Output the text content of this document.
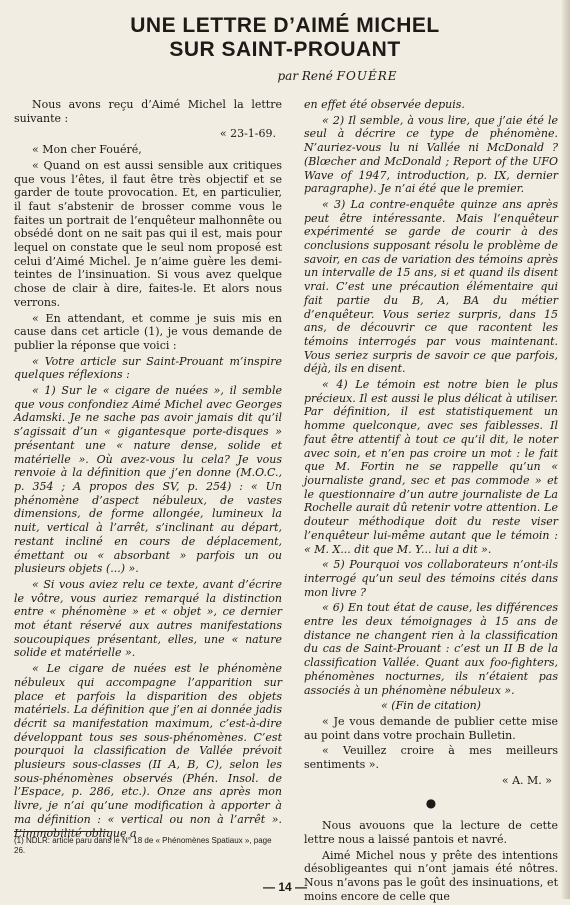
UNE LETTRE D’AIMÉ MICHEL
SUR SAINT-PROUANT
par René FOUÉRE

Nous avons reçu d’Aimé Michel la lettre suivante :

« 23-1-69.

« Mon cher Fouéré,

« Quand on est aussi sensible aux critiques que vous l’êtes, il faut être très objectif et se garder de toute provocation. Et, en particulier, il faut s’abstenir de brosser comme vous le faites un portrait de l’enquêteur malhonnête ou obsédé dont on ne sait pas qui il est, mais pour lequel on constate que le seul nom proposé est celui d’Aimé Michel. Je n’aime guère les demi-teintes de l’insinuation. Si vous avez quelque chose de clair à dire, faites-le. Et alors nous verrons.

« En attendant, et comme je suis mis en cause dans cet article (1), je vous demande de publier la réponse que voici :

« Votre article sur Saint-Prouant m’inspire quelques réflexions :

« 1) Sur le « cigare de nuées », il semble que vous confondiez Aimé Michel avec Georges Adamski. Je ne sache pas avoir jamais dit qu’il s’agissait d’un « gigantesque porte-disques » présentant une « nature dense, solide et matérielle ». Où avez-vous lu cela? Je vous renvoie à la définition que j’en donne (M.O.C., p. 354 ; A propos des SV, p. 254) : « Un phénomène d’aspect nébuleux, de vastes dimensions, de forme allongée, lumineux la nuit, vertical à l’arrêt, s’inclinant au départ, restant incliné en cours de déplacement, émettant ou « absorbant » parfois un ou plusieurs objets (...) ».

« Si vous aviez relu ce texte, avant d’écrire le vôtre, vous auriez remarqué la distinction entre « phénomène » et « objet », ce dernier mot étant réservé aux autres manifestations soucoupiques présentant, elles, une « nature solide et matérielle ».

« Le cigare de nuées est le phénomène nébuleux qui accompagne l’apparition sur place et parfois la disparition des objets matériels. La définition que j’en ai donnée jadis décrit sa manifestation maximum, c’est-à-dire développant tous ses sous-phénomènes. C’est pourquoi la classification de Vallée prévoit plusieurs sous-classes (II A, B, C), selon les sous-phénomènes observés (Phén. Insol. de l’Espace, p. 286, etc.). Onze ans après mon livre, je n’ai qu’une modification à apporter à ma définition : « vertical ou non à l’arrêt ». L’immobilité oblique a

en effet été observée depuis.

« 2) Il semble, à vous lire, que j’aie été le seul à décrire ce type de phénomène. N’auriez-vous lu ni Vallée ni McDonald ? (Blœcher and McDonald ; Report of the UFO Wave of 1947, introduction, p. IX, dernier paragraphe). Je n’ai été que le premier.

« 3) La contre-enquête quinze ans après peut être intéressante. Mais l’enquêteur expérimenté se garde de courir à des conclusions supposant résolu le problème de savoir, en cas de variation des témoins après un intervalle de 15 ans, si et quand ils disent vrai. C’est une précaution élémentaire qui fait partie du B, A, BA du métier d’enquêteur. Vous seriez surpris, dans 15 ans, de découvrir ce que racontent les témoins interrogés par vous maintenant. Vous seriez surpris de savoir ce que parfois, déjà, ils en disent.

« 4) Le témoin est notre bien le plus précieux. Il est aussi le plus délicat à utiliser. Par définition, il est statistiquement un homme quelconque, avec ses faiblesses. Il faut être attentif à tout ce qu’il dit, le noter avec soin, et n’en pas croire un mot : le fait que M. Fortin ne se rappelle qu’un « journaliste grand, sec et pas commode » et le questionnaire d’un autre journaliste de La Rochelle aurait dû retenir votre attention. Le douteur méthodique doit du reste viser l’enquêteur lui-même autant que le témoin : « M. X... dit que M. Y... lui a dit ».

« 5) Pourquoi vos collaborateurs n’ont-ils interrogé qu’un seul des témoins cités dans mon livre ?

« 6) En tout état de cause, les différences entre les deux témoignages à 15 ans de distance ne changent rien à la classification du cas de Saint-Prouant : c’est un II B de la classification Vallée. Quant aux foo-fighters, phénomènes nocturnes, ils n’étaient pas associés à un phénomène nébuleux ».

« (Fin de citation)

« Je vous demande de publier cette mise au point dans votre prochain Bulletin.

« Veuillez croire à mes meilleurs sentiments ».

« A. M. »

●

Nous avouons que la lecture de cette lettre nous a laissé pantois et navré.

Aimé Michel nous y prête des intentions désobligeantes qui n’ont jamais été nôtres. Nous n’avons pas le goût des insinuations, et moins encore de celle que

(1) NDLR: article paru dans le N° 18 de « Phénomènes Spatiaux », page 26.
— 14 —
